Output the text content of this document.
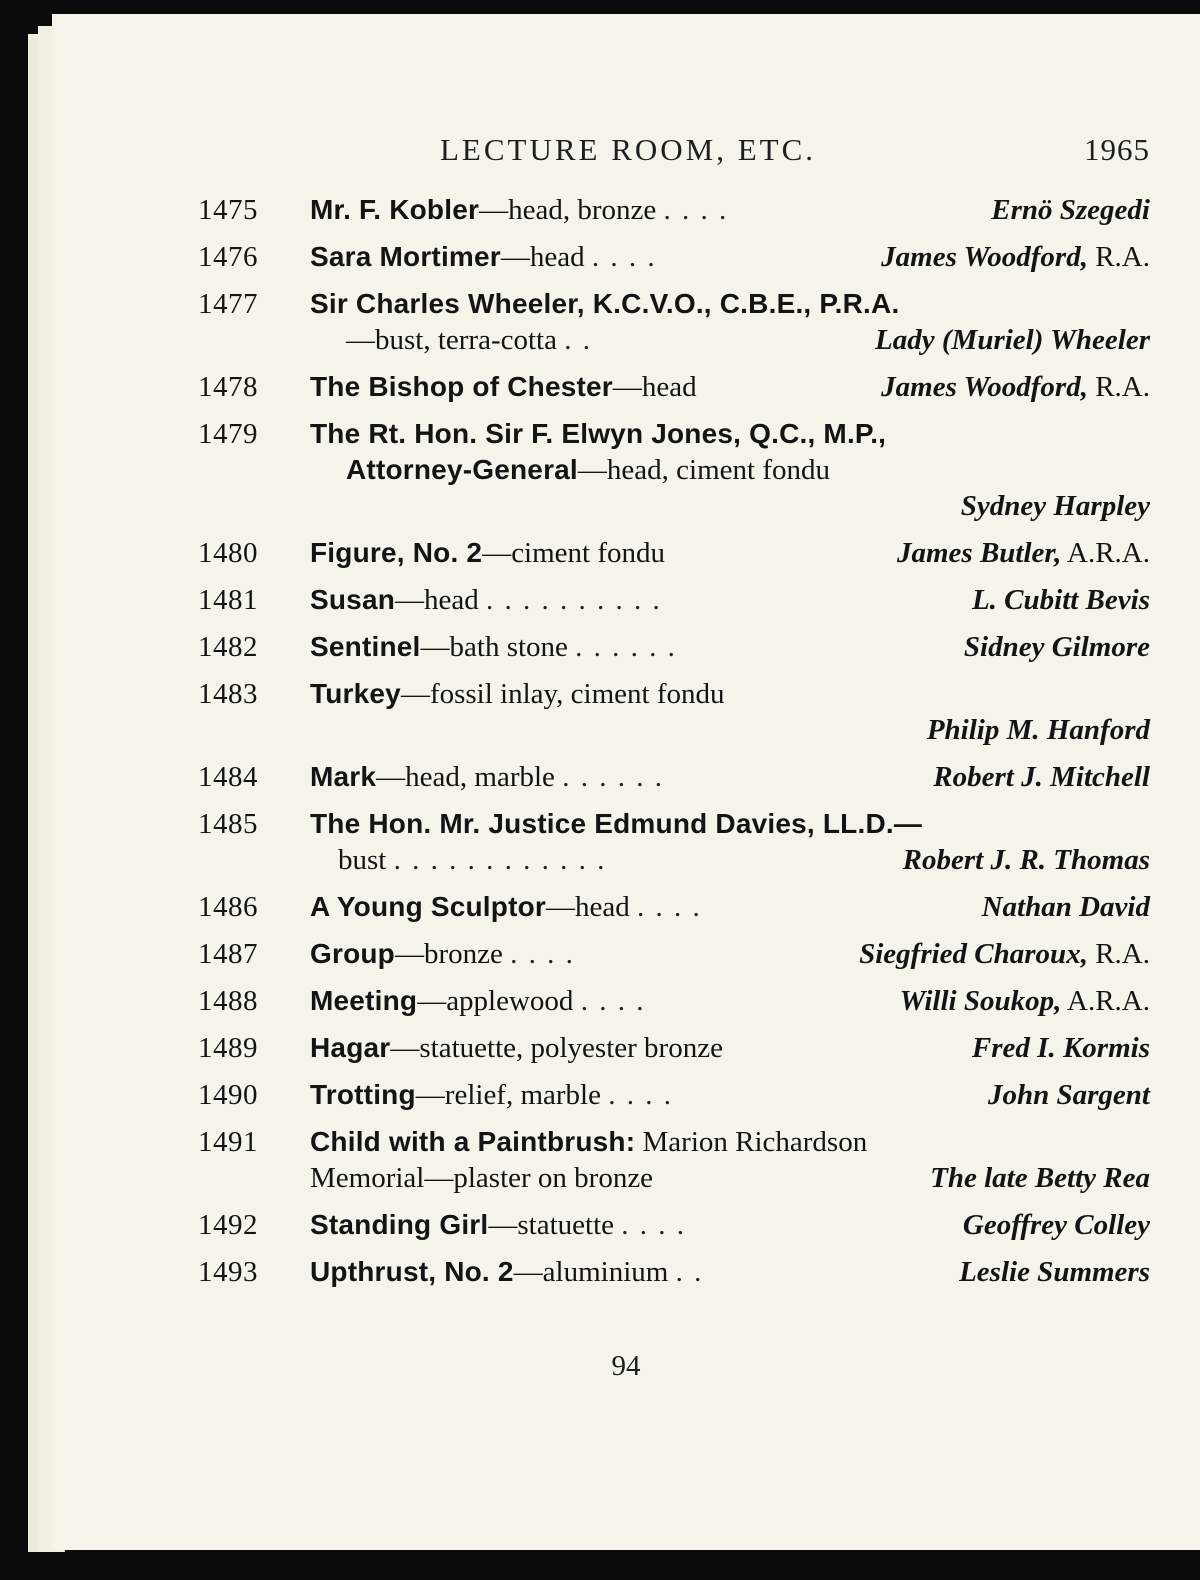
LECTURE ROOM, ETC.	1965
1475	Mr. F. Kobler—head, bronze . . . .	Ernö Szegedi
1476	Sara Mortimer—head . . . .	James Woodford, R.A.
1477	Sir Charles Wheeler, K.C.V.O., C.B.E., P.R.A.
—bust, terra-cotta . .	Lady (Muriel) Wheeler
1478	The Bishop of Chester—head	James Woodford, R.A.
1479	The Rt. Hon. Sir F. Elwyn Jones, Q.C., M.P.,
Attorney-General—head, ciment fondu
Sydney Harpley
1480	Figure, No. 2—ciment fondu	James Butler, A.R.A.
1481	Susan—head . . . . . . . . . .	L. Cubitt Bevis
1482	Sentinel—bath stone . . . . . .	Sidney Gilmore
1483	Turkey—fossil inlay, ciment fondu
Philip M. Hanford
1484	Mark—head, marble . . . . . .	Robert J. Mitchell
1485	The Hon. Mr. Justice Edmund Davies, LL.D.—
bust . . . . . . . . . . . .	Robert J. R. Thomas
1486	A Young Sculptor—head . . . .	Nathan David
1487	Group—bronze . . . .	Siegfried Charoux, R.A.
1488	Meeting—applewood . . . .	Willi Soukop, A.R.A.
1489	Hagar—statuette, polyester bronze	Fred I. Kormis
1490	Trotting—relief, marble . . . .	John Sargent
1491	Child with a Paintbrush: Marion Richardson
Memorial—plaster on bronze	The late Betty Rea
1492	Standing Girl—statuette . . . .	Geoffrey Colley
1493	Upthrust, No. 2—aluminium . .	Leslie Summers
94
